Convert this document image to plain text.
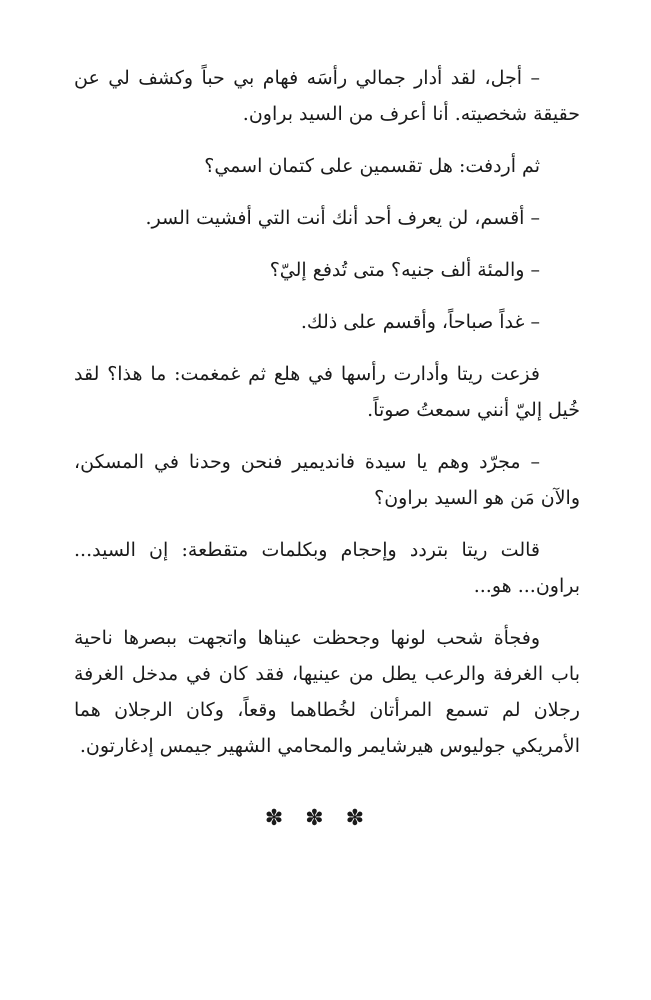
– أجل، لقد أدار جمالي رأسَه فهام بي حباً وكشف لي عن حقيقة شخصيته. أنا أعرف من السيد براون.

ثم أردفت: هل تقسمين على كتمان اسمي؟

– أقسم، لن يعرف أحد أنك أنت التي أفشيت السر.

– والمئة ألف جنيه؟ متى تُدفع إليّ؟

– غداً صباحاً، وأقسم على ذلك.

فزعت ريتا وأدارت رأسها في هلع ثم غمغمت: ما هذا؟ لقد خُيل إليّ أنني سمعتُ صوتاً.

– مجرّد وهم يا سيدة فانديمير فنحن وحدنا في المسكن، والآن مَن هو السيد براون؟

قالت ريتا بتردد وإحجام وبكلمات متقطعة: إن السيد... براون... هو...

وفجأة شحب لونها وجحظت عيناها واتجهت ببصرها ناحية باب الغرفة والرعب يطل من عينيها، فقد كان في مدخل الغرفة رجلان لم تسمع المرأتان لخُطاهما وقعاً، وكان الرجلان هما الأمريكي جوليوس هيرشايمر والمحامي الشهير جيمس إدغارتون.

✽✽✽
